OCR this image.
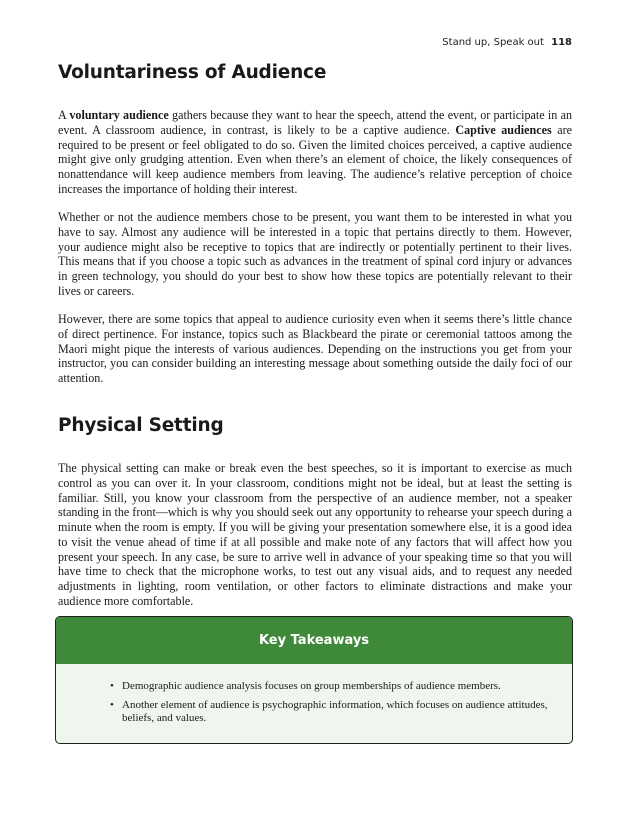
Stand up, Speak out 118
Voluntariness of Audience

A voluntary audience gathers because they want to hear the speech, attend the event, or participate in an event. A classroom audience, in contrast, is likely to be a captive audience. Captive audiences are required to be present or feel obligated to do so. Given the limited choices perceived, a captive audience might give only grudging attention. Even when there’s an element of choice, the likely consequences of nonattendance will keep audience members from leaving. The audience’s relative perception of choice increases the importance of holding their interest.

Whether or not the audience members chose to be present, you want them to be interested in what you have to say. Almost any audience will be interested in a topic that pertains directly to them. However, your audience might also be receptive to topics that are indirectly or potentially pertinent to their lives. This means that if you choose a topic such as advances in the treatment of spinal cord injury or advances in green technology, you should do your best to show how these topics are potentially relevant to their lives or careers.

However, there are some topics that appeal to audience curiosity even when it seems there’s little chance of direct pertinence. For instance, topics such as Blackbeard the pirate or ceremonial tattoos among the Maori might pique the interests of various audiences. Depending on the instructions you get from your instructor, you can consider building an interesting message about something outside the daily foci of our attention.

Physical Setting

The physical setting can make or break even the best speeches, so it is important to exercise as much control as you can over it. In your classroom, conditions might not be ideal, but at least the setting is familiar. Still, you know your classroom from the perspective of an audience member, not a speaker standing in the front—which is why you should seek out any opportunity to rehearse your speech during a minute when the room is empty. If you will be giving your presentation somewhere else, it is a good idea to visit the venue ahead of time if at all possible and make note of any factors that will affect how you present your speech. In any case, be sure to arrive well in advance of your speaking time so that you will have time to check that the microphone works, to test out any visual aids, and to request any needed adjustments in lighting, room ventilation, or other factors to eliminate distractions and make your audience more comfortable.

Key Takeaways
• Demographic audience analysis focuses on group memberships of audience members.
• Another element of audience is psychographic information, which focuses on audience attitudes, beliefs, and values.
